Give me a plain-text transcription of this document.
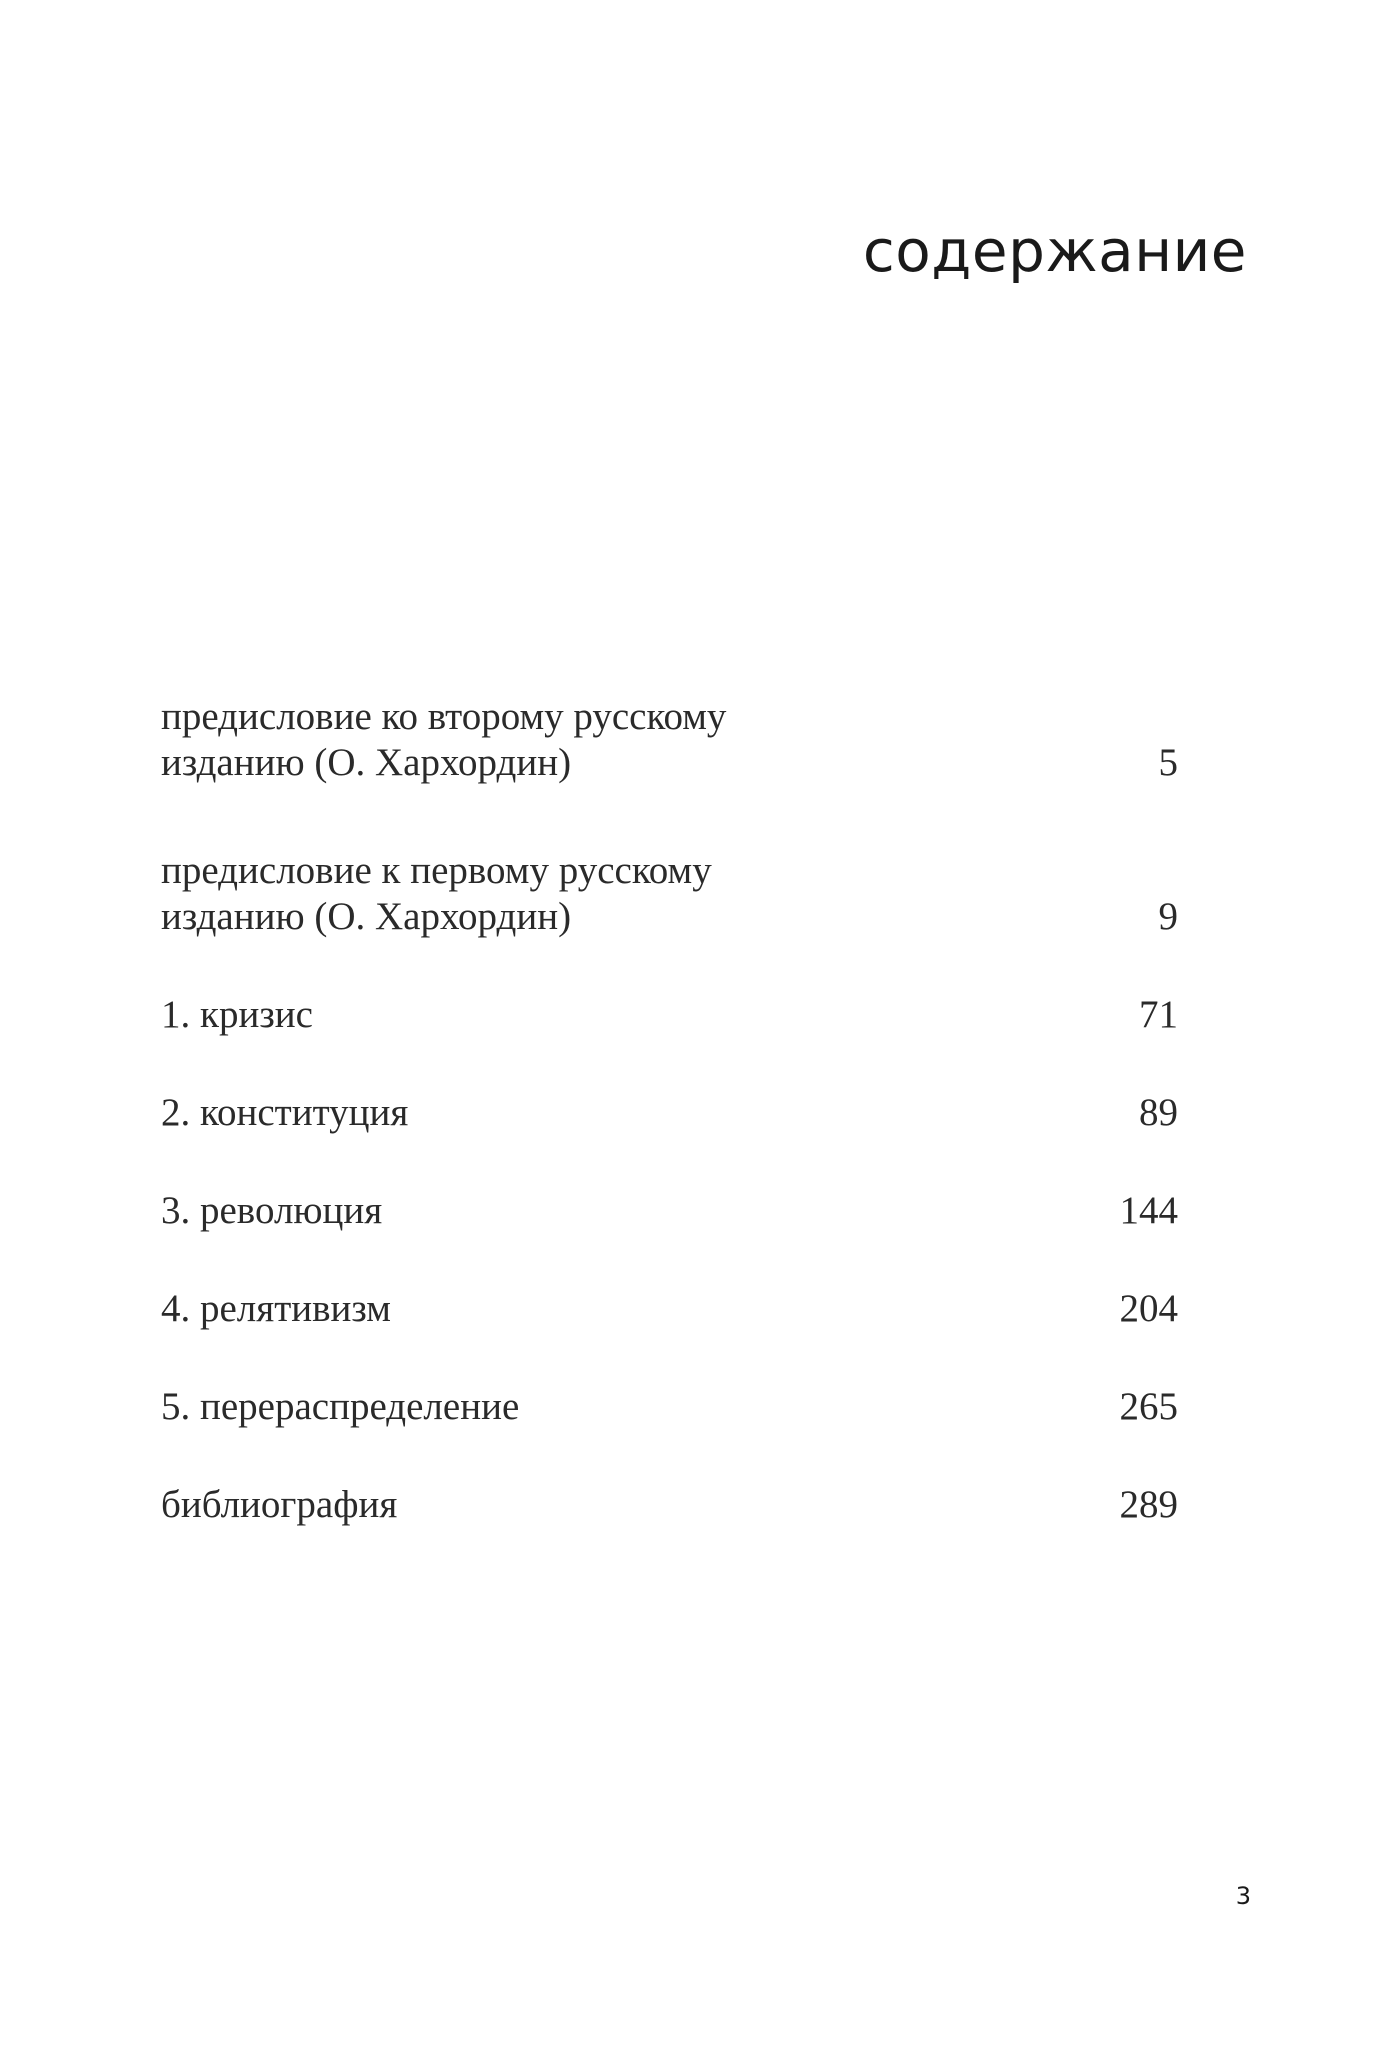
содержание
предисловие ко второму русскому изданию (О. Хархордин)	5
предисловие к первому русскому изданию (О. Хархордин)	9
1. кризис	71
2. конституция	89
3. революция	144
4. релятивизм	204
5. перераспределение	265
библиография	289
3
